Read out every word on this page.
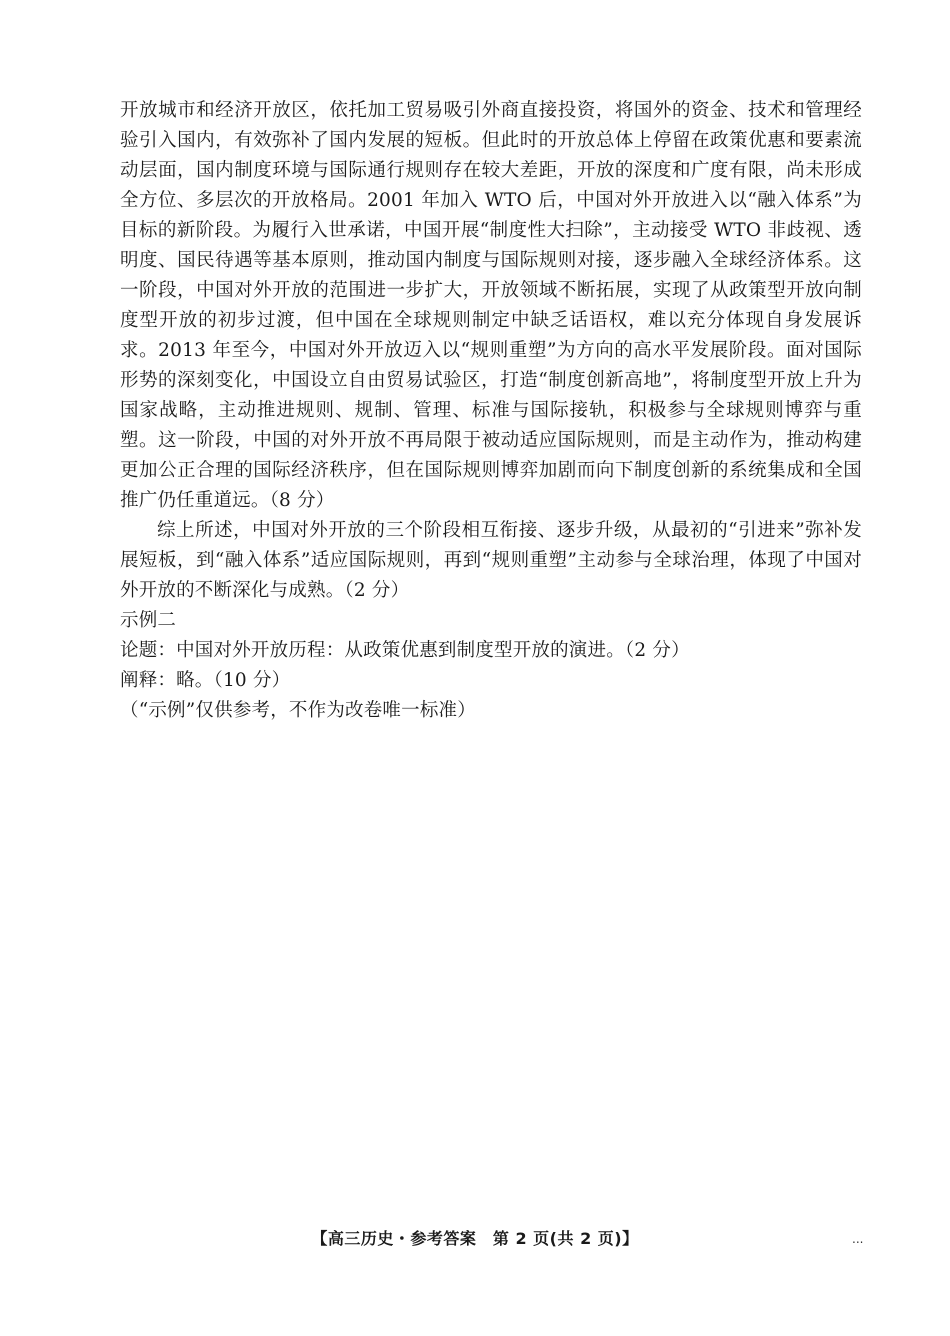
开放城市和经济开放区，依托加工贸易吸引外商直接投资，将国外的资金、技术和管理经验引入国内，有效弥补了国内发展的短板。但此时的开放总体上停留在政策优惠和要素流动层面，国内制度环境与国际通行规则存在较大差距，开放的深度和广度有限，尚未形成全方位、多层次的开放格局。2001 年加入 WTO 后，中国对外开放进入以“融入体系”为目标的新阶段。为履行入世承诺，中国开展“制度性大扫除”，主动接受 WTO 非歧视、透明度、国民待遇等基本原则，推动国内制度与国际规则对接，逐步融入全球经济体系。这一阶段，中国对外开放的范围进一步扩大，开放领域不断拓展，实现了从政策型开放向制度型开放的初步过渡，但中国在全球规则制定中缺乏话语权，难以充分体现自身发展诉求。2013 年至今，中国对外开放迈入以“规则重塑”为方向的高水平发展阶段。面对国际形势的深刻变化，中国设立自由贸易试验区，打造“制度创新高地”，将制度型开放上升为国家战略，主动推进规则、规制、管理、标准与国际接轨，积极参与全球规则博弈与重塑。这一阶段，中国的对外开放不再局限于被动适应国际规则，而是主动作为，推动构建更加公正合理的国际经济秩序，但在国际规则博弈加剧而向下制度创新的系统集成和全国推广仍任重道远。（8 分）

综上所述，中国对外开放的三个阶段相互衔接、逐步升级，从最初的“引进来”弥补发展短板，到“融入体系”适应国际规则，再到“规则重塑”主动参与全球治理，体现了中国对外开放的不断深化与成熟。（2 分）

示例二

论题：中国对外开放历程：从政策优惠到制度型开放的演进。（2 分）

阐释：略。（10 分）

（“示例”仅供参考，不作为改卷唯一标准）

【高三历史・参考答案　第 2 页(共 2 页)】	...
